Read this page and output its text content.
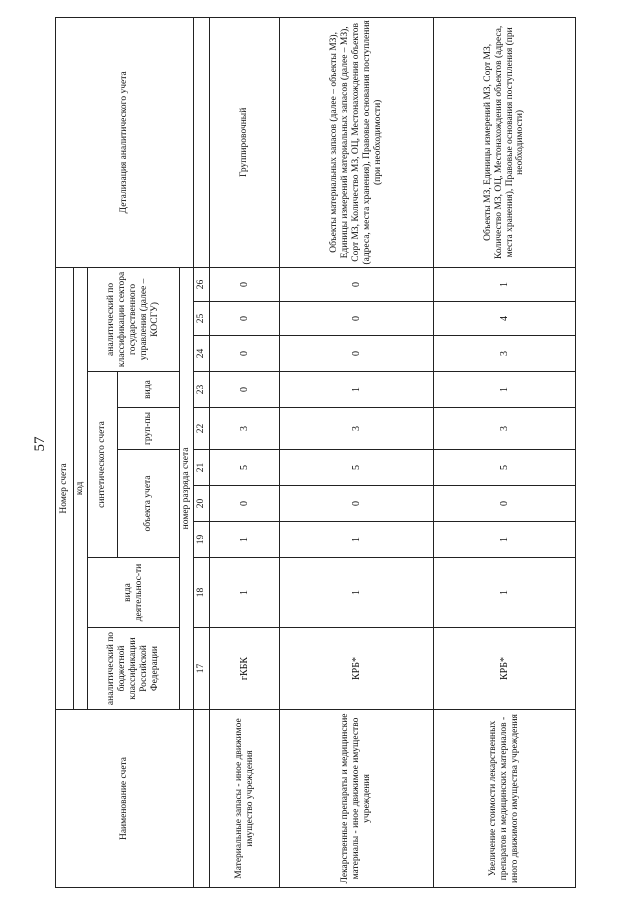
57
Наименование счета	Номер счета										Детализация аналитического учета
	код										
	аналитический по бюджетной классификации Российской Федерации	вида деятельнос-ти	синтетического счета					аналитический по классификации сектора государственного управления (далее – КОСГУ)			
			объекта учета			груп-пы	вида				
	номер разряда счета										
	17	18	19	20	21	22	23	24	25	26	
Материальные запасы - иное движимое имущество учреждения	гКБК	1	1	0	5	3	0	0	0	0	Группировочный
Лекарственные препараты и медицинские материалы - иное движимое имущество учреждения	КРБ*	1	1	0	5	3	1	0	0	0	Объекты материальных запасов (далее – объекты МЗ), Единицы измерений материальных запасов (далее – МЗ), Сорт МЗ, Количество МЗ, ОЦ, Местонахождения объектов (адреса, места хранения), Правовые основания поступления (при необходимости)
Увеличение стоимости лекарственных препаратов и медицинских материалов - иного движимого имущества учреждения	КРБ*	1	1	0	5	3	1	3	4	1	Объекты МЗ, Единицы измерений МЗ, Сорт МЗ, Количество МЗ, ОЦ, Местонахождения объектов (адреса, места хранения), Правовые основания поступления (при необходимости)
